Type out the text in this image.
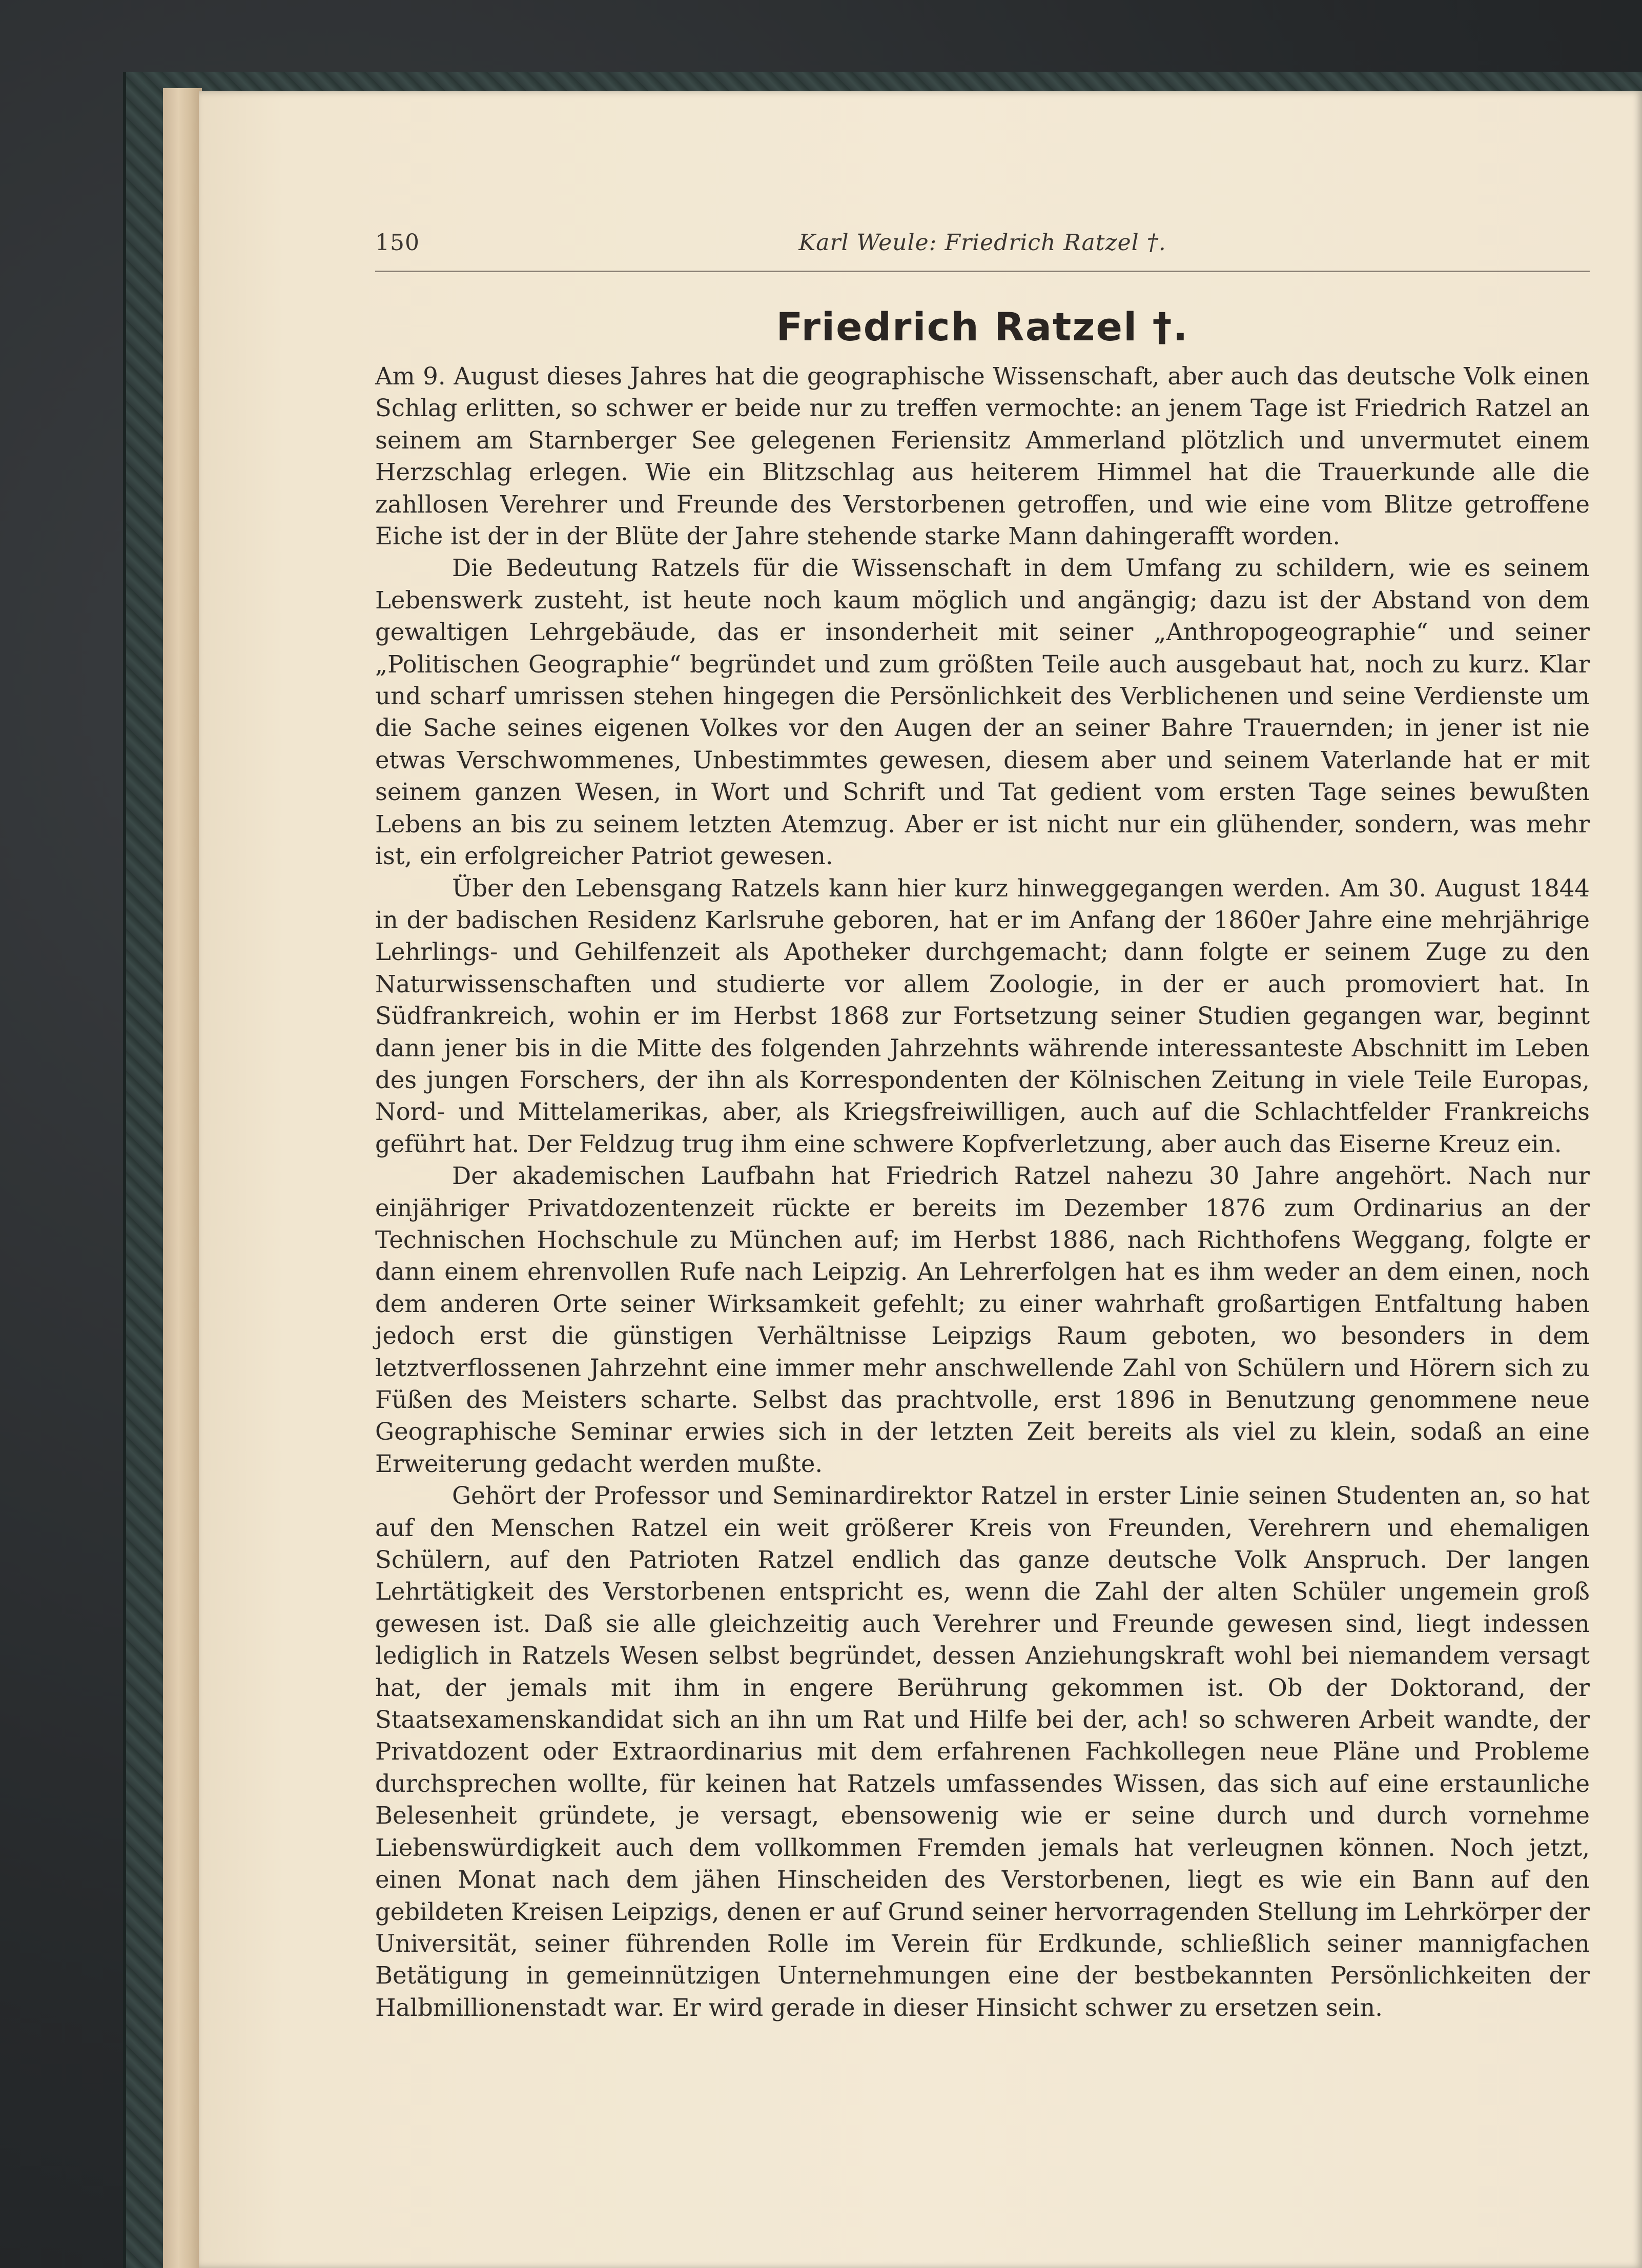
150	Karl Weule: Friedrich Ratzel †.
Friedrich Ratzel †.

Am 9. August dieses Jahres hat die geographische Wissenschaft, aber auch das deutsche Volk einen Schlag erlitten, so schwer er beide nur zu treffen vermochte: an jenem Tage ist Friedrich Ratzel an seinem am Starnberger See gelegenen Feriensitz Ammerland plötzlich und unvermutet einem Herzschlag erlegen. Wie ein Blitzschlag aus heiterem Himmel hat die Trauerkunde alle die zahllosen Verehrer und Freunde des Verstorbenen getroffen, und wie eine vom Blitze getroffene Eiche ist der in der Blüte der Jahre stehende starke Mann dahingerafft worden.

Die Bedeutung Ratzels für die Wissenschaft in dem Umfang zu schildern, wie es seinem Lebenswerk zusteht, ist heute noch kaum möglich und angängig; dazu ist der Abstand von dem gewaltigen Lehrgebäude, das er insonderheit mit seiner „Anthropogeographie“ und seiner „Politischen Geographie“ begründet und zum größten Teile auch ausgebaut hat, noch zu kurz. Klar und scharf umrissen stehen hingegen die Persönlichkeit des Verblichenen und seine Verdienste um die Sache seines eigenen Volkes vor den Augen der an seiner Bahre Trauernden; in jener ist nie etwas Verschwommenes, Unbestimmtes gewesen, diesem aber und seinem Vaterlande hat er mit seinem ganzen Wesen, in Wort und Schrift und Tat gedient vom ersten Tage seines bewußten Lebens an bis zu seinem letzten Atemzug. Aber er ist nicht nur ein glühender, sondern, was mehr ist, ein erfolgreicher Patriot gewesen.

Über den Lebensgang Ratzels kann hier kurz hinweggegangen werden. Am 30. August 1844 in der badischen Residenz Karlsruhe geboren, hat er im Anfang der 1860er Jahre eine mehrjährige Lehrlings- und Gehilfenzeit als Apotheker durchgemacht; dann folgte er seinem Zuge zu den Naturwissenschaften und studierte vor allem Zoologie, in der er auch promoviert hat. In Südfrankreich, wohin er im Herbst 1868 zur Fortsetzung seiner Studien gegangen war, beginnt dann jener bis in die Mitte des folgenden Jahrzehnts währende interessanteste Abschnitt im Leben des jungen Forschers, der ihn als Korrespondenten der Kölnischen Zeitung in viele Teile Europas, Nord- und Mittelamerikas, aber, als Kriegsfreiwilligen, auch auf die Schlachtfelder Frankreichs geführt hat. Der Feldzug trug ihm eine schwere Kopfverletzung, aber auch das Eiserne Kreuz ein.

Der akademischen Laufbahn hat Friedrich Ratzel nahezu 30 Jahre angehört. Nach nur einjähriger Privatdozentenzeit rückte er bereits im Dezember 1876 zum Ordinarius an der Technischen Hochschule zu München auf; im Herbst 1886, nach Richthofens Weggang, folgte er dann einem ehrenvollen Rufe nach Leipzig. An Lehrerfolgen hat es ihm weder an dem einen, noch dem anderen Orte seiner Wirksamkeit gefehlt; zu einer wahrhaft großartigen Entfaltung haben jedoch erst die günstigen Verhältnisse Leipzigs Raum geboten, wo besonders in dem letztverflossenen Jahrzehnt eine immer mehr anschwellende Zahl von Schülern und Hörern sich zu Füßen des Meisters scharte. Selbst das prachtvolle, erst 1896 in Benutzung genommene neue Geographische Seminar erwies sich in der letzten Zeit bereits als viel zu klein, sodaß an eine Erweiterung gedacht werden mußte.

Gehört der Professor und Seminardirektor Ratzel in erster Linie seinen Studenten an, so hat auf den Menschen Ratzel ein weit größerer Kreis von Freunden, Verehrern und ehemaligen Schülern, auf den Patrioten Ratzel endlich das ganze deutsche Volk Anspruch. Der langen Lehrtätigkeit des Verstorbenen entspricht es, wenn die Zahl der alten Schüler ungemein groß gewesen ist. Daß sie alle gleichzeitig auch Verehrer und Freunde gewesen sind, liegt indessen lediglich in Ratzels Wesen selbst begründet, dessen Anziehungskraft wohl bei niemandem versagt hat, der jemals mit ihm in engere Berührung gekommen ist. Ob der Doktorand, der Staatsexamenskandidat sich an ihn um Rat und Hilfe bei der, ach! so schweren Arbeit wandte, der Privatdozent oder Extraordinarius mit dem erfahrenen Fachkollegen neue Pläne und Probleme durchsprechen wollte, für keinen hat Ratzels umfassendes Wissen, das sich auf eine erstaunliche Belesenheit gründete, je versagt, ebensowenig wie er seine durch und durch vornehme Liebenswürdigkeit auch dem vollkommen Fremden jemals hat verleugnen können. Noch jetzt, einen Monat nach dem jähen Hinscheiden des Verstorbenen, liegt es wie ein Bann auf den gebildeten Kreisen Leipzigs, denen er auf Grund seiner hervorragenden Stellung im Lehrkörper der Universität, seiner führenden Rolle im Verein für Erdkunde, schließlich seiner mannigfachen Betätigung in gemeinnützigen Unternehmungen eine der bestbekannten Persönlichkeiten der Halbmillionenstadt war. Er wird gerade in dieser Hinsicht schwer zu ersetzen sein.
